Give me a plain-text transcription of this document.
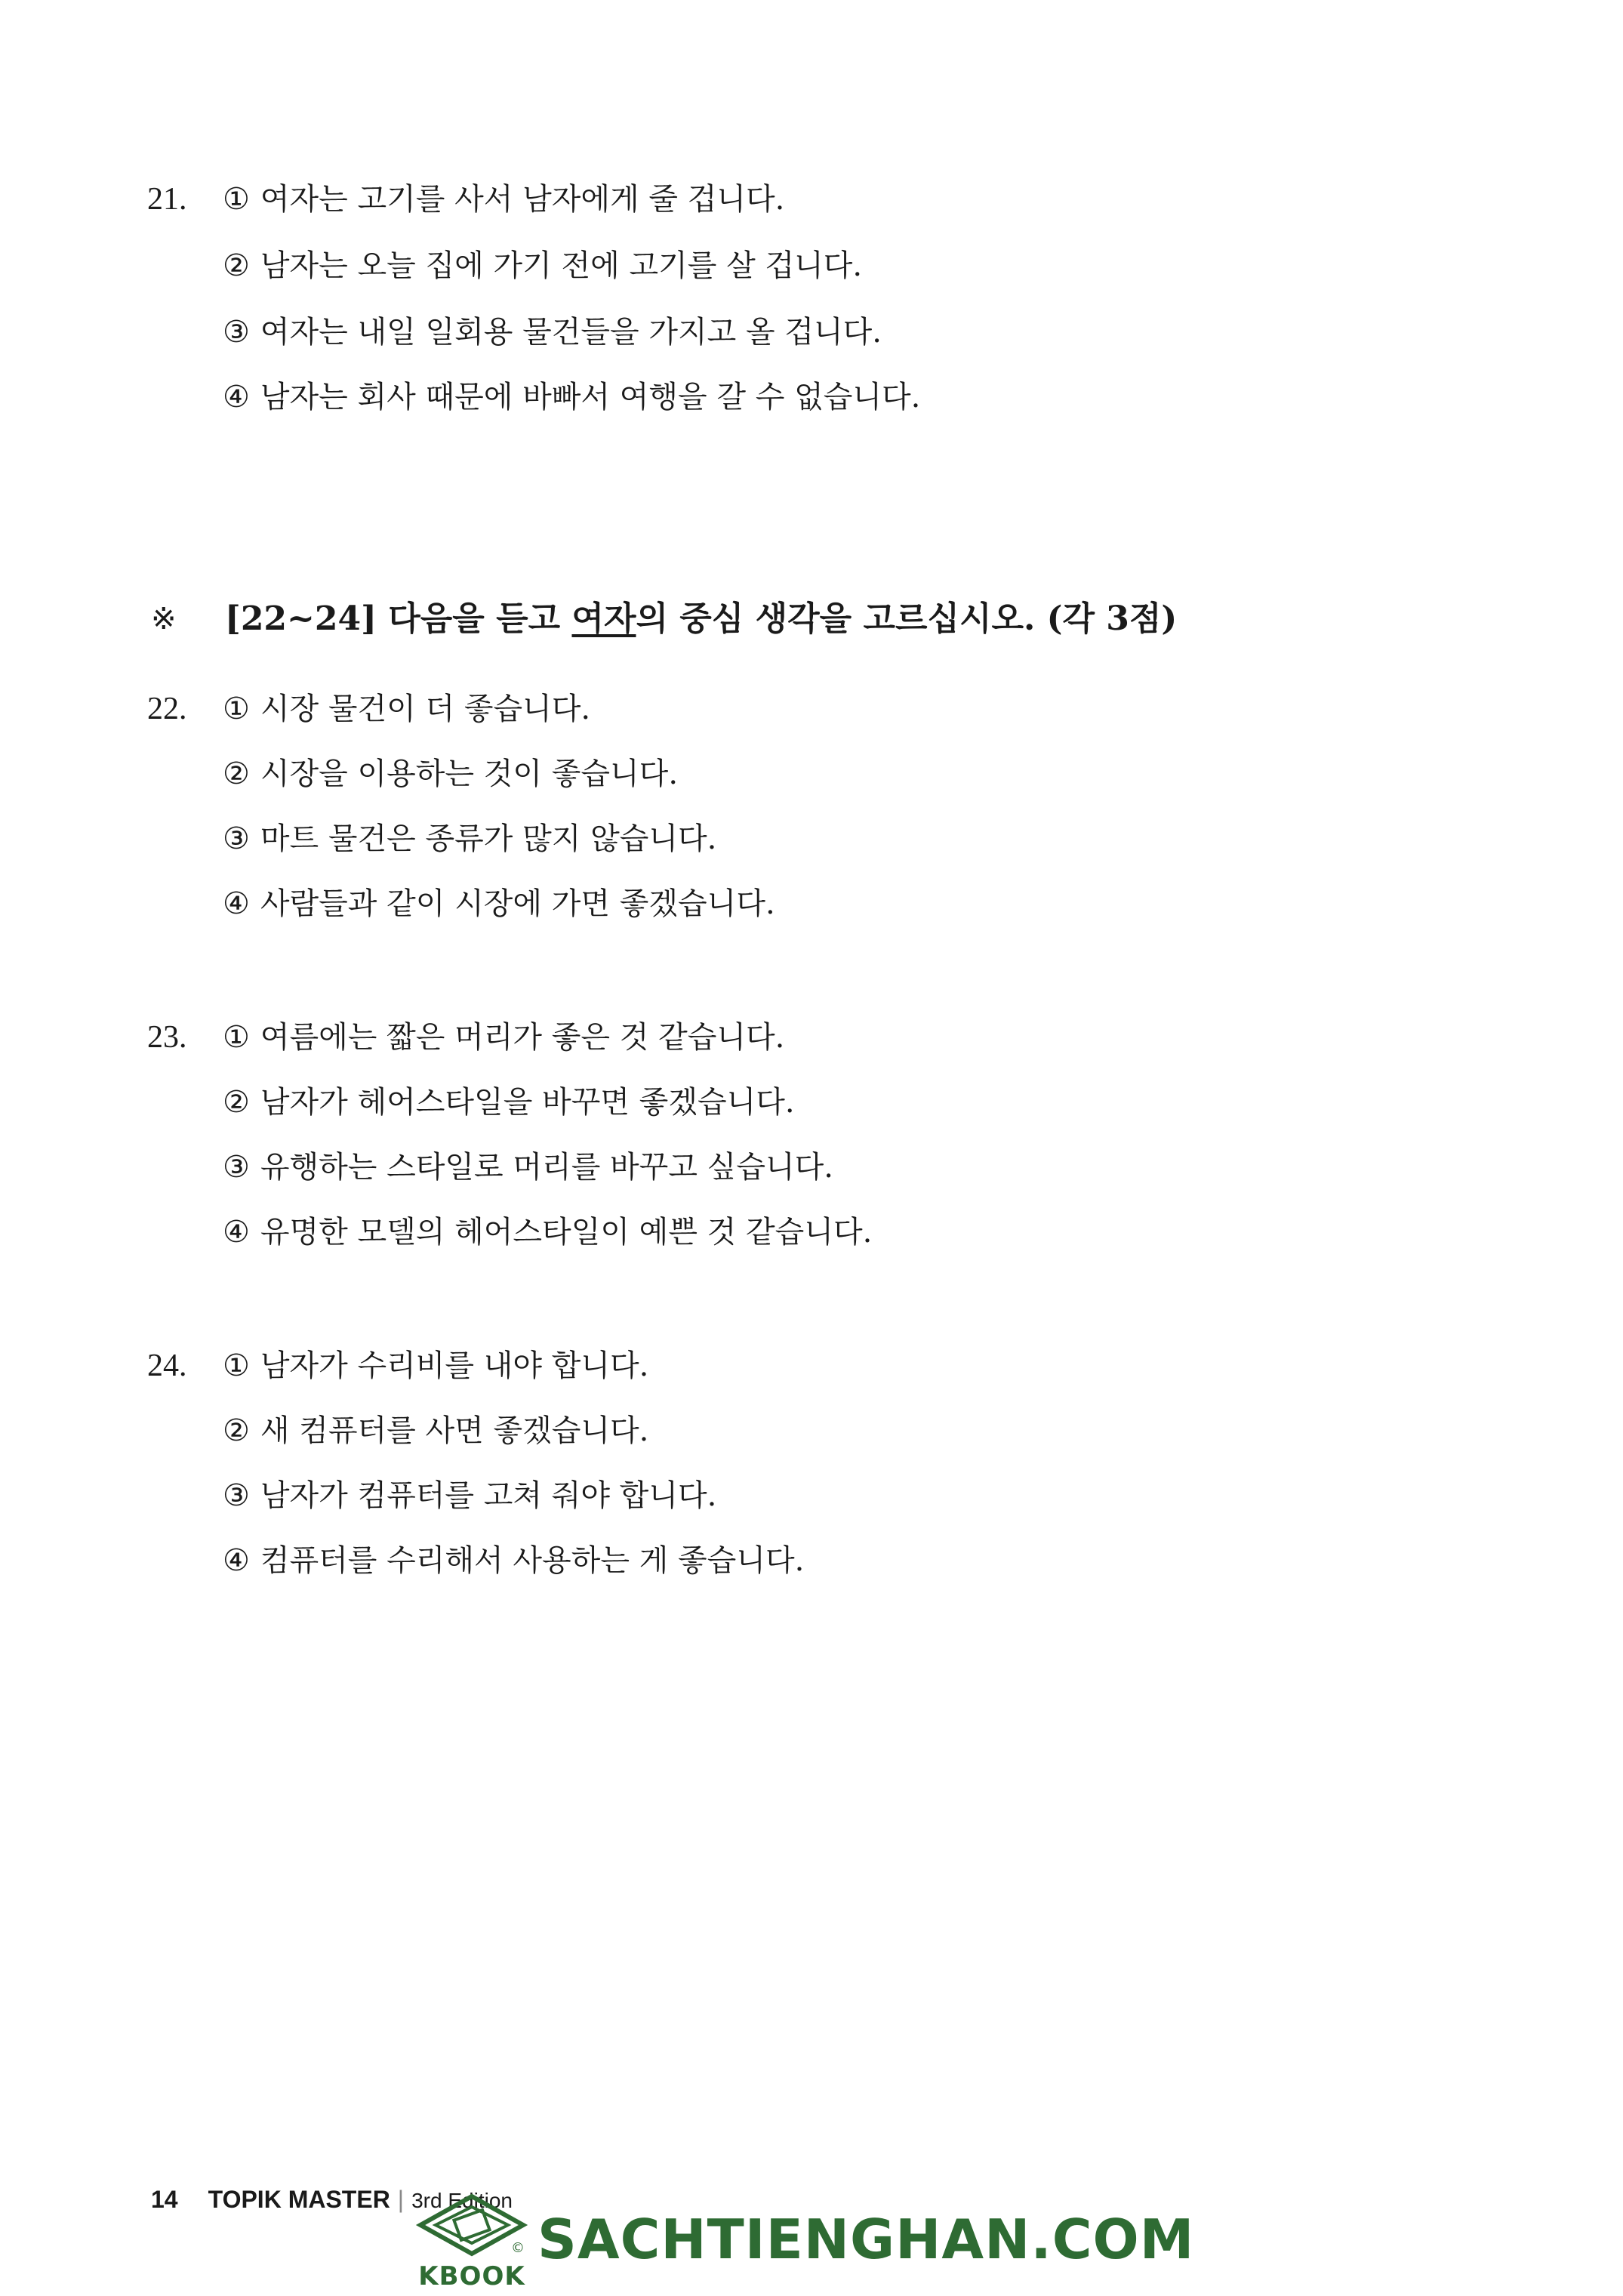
21. ① 여자는 고기를 사서 남자에게 줄 겁니다.
② 남자는 오늘 집에 가기 전에 고기를 살 겁니다.
③ 여자는 내일 일회용 물건들을 가지고 올 겁니다.
④ 남자는 회사 때문에 바빠서 여행을 갈 수 없습니다.
※ [22~24] 다음을 듣고 여자의 중심 생각을 고르십시오. (각 3점)
22. ① 시장 물건이 더 좋습니다.
② 시장을 이용하는 것이 좋습니다.
③ 마트 물건은 종류가 많지 않습니다.
④ 사람들과 같이 시장에 가면 좋겠습니다.
23. ① 여름에는 짧은 머리가 좋은 것 같습니다.
② 남자가 헤어스타일을 바꾸면 좋겠습니다.
③ 유행하는 스타일로 머리를 바꾸고 싶습니다.
④ 유명한 모델의 헤어스타일이 예쁜 것 같습니다.
24. ① 남자가 수리비를 내야 합니다.
② 새 컴퓨터를 사면 좋겠습니다.
③ 남자가 컴퓨터를 고쳐 줘야 합니다.
④ 컴퓨터를 수리해서 사용하는 게 좋습니다.
14 TOPIK MASTER | 3rd Edition
©
KBOOK
SACHTIENGHAN.COM
